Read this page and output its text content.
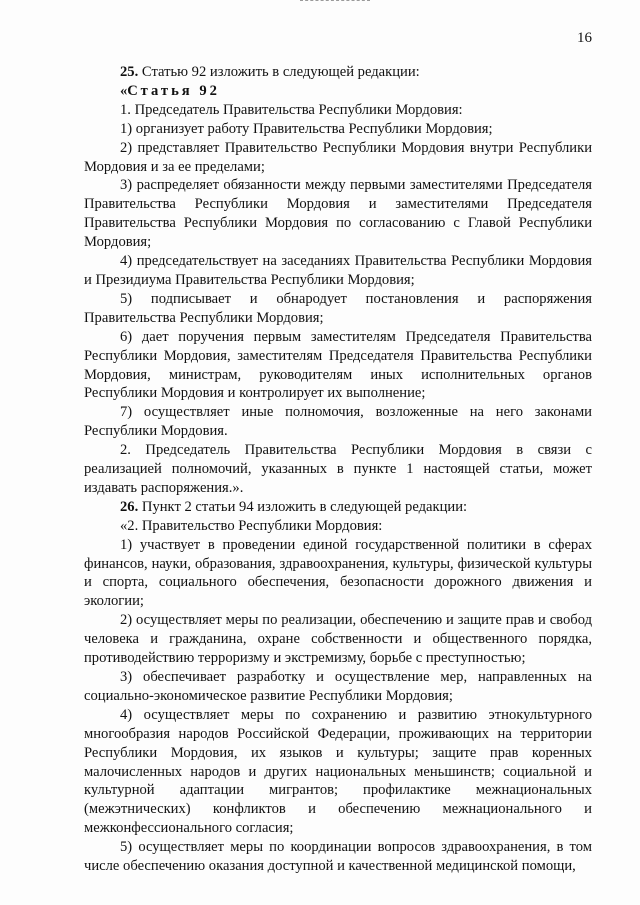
16

25. Статью 92 изложить в следующей редакции:

«Статья 92

1. Председатель Правительства Республики Мордовия:

1) организует работу Правительства Республики Мордовия;

2) представляет Правительство Республики Мордовия внутри Республики Мордовия и за ее пределами;

3) распределяет обязанности между первыми заместителями Председателя Правительства Республики Мордовия и заместителями Председателя Правительства Республики Мордовия по согласованию с Главой Республики Мордовия;

4) председательствует на заседаниях Правительства Республики Мордовия и Президиума Правительства Республики Мордовия;

5) подписывает и обнародует постановления и распоряжения Правительства Республики Мордовия;

6) дает поручения первым заместителям Председателя Правительства Республики Мордовия, заместителям Председателя Правительства Республики Мордовия, министрам, руководителям иных исполнительных органов Республики Мордовия и контролирует их выполнение;

7) осуществляет иные полномочия, возложенные на него законами Республики Мордовия.

2. Председатель Правительства Республики Мордовия в связи с реализацией полномочий, указанных в пункте 1 настоящей статьи, может издавать распоряжения.».

26. Пункт 2 статьи 94 изложить в следующей редакции:

«2. Правительство Республики Мордовия:

1) участвует в проведении единой государственной политики в сферах финансов, науки, образования, здравоохранения, культуры, физической культуры и спорта, социального обеспечения, безопасности дорожного движения и экологии;

2) осуществляет меры по реализации, обеспечению и защите прав и свобод человека и гражданина, охране собственности и общественного порядка, противодействию терроризму и экстремизму, борьбе с преступностью;

3) обеспечивает разработку и осуществление мер, направленных на социально-экономическое развитие Республики Мордовия;

4) осуществляет меры по сохранению и развитию этнокультурного многообразия народов Российской Федерации, проживающих на территории Республики Мордовия, их языков и культуры; защите прав коренных малочисленных народов и других национальных меньшинств; социальной и культурной адаптации мигрантов; профилактике межнациональных (межэтнических) конфликтов и обеспечению межнационального и межконфессионального согласия;

5) осуществляет меры по координации вопросов здравоохранения, в том числе обеспечению оказания доступной и качественной медицинской помощи,
